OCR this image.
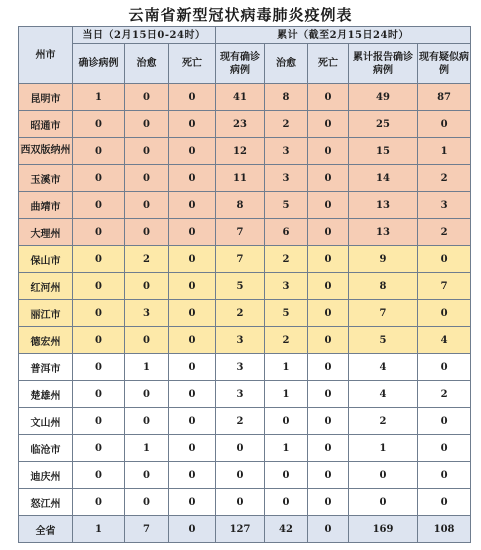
云南省新型冠状病毒肺炎疫例表
州市	当日（2月15日0-24时）			累计（截至2月15日24时）				
	确诊病例	治愈	死亡	现有确诊病例	治愈	死亡	累计报告确诊病例	现有疑似病例
昆明市	1	0	0	41	8	0	49	87
昭通市	0	0	0	23	2	0	25	0
西双版纳州	0	0	0	12	3	0	15	1
玉溪市	0	0	0	11	3	0	14	2
曲靖市	0	0	0	8	5	0	13	3
大理州	0	0	0	7	6	0	13	2
保山市	0	2	0	7	2	0	9	0
红河州	0	0	0	5	3	0	8	7
丽江市	0	3	0	2	5	0	7	0
德宏州	0	0	0	3	2	0	5	4
普洱市	0	1	0	3	1	0	4	0
楚雄州	0	0	0	3	1	0	4	2
文山州	0	0	0	2	0	0	2	0
临沧市	0	1	0	0	1	0	1	0
迪庆州	0	0	0	0	0	0	0	0
怒江州	0	0	0	0	0	0	0	0
全省	1	7	0	127	42	0	169	108
